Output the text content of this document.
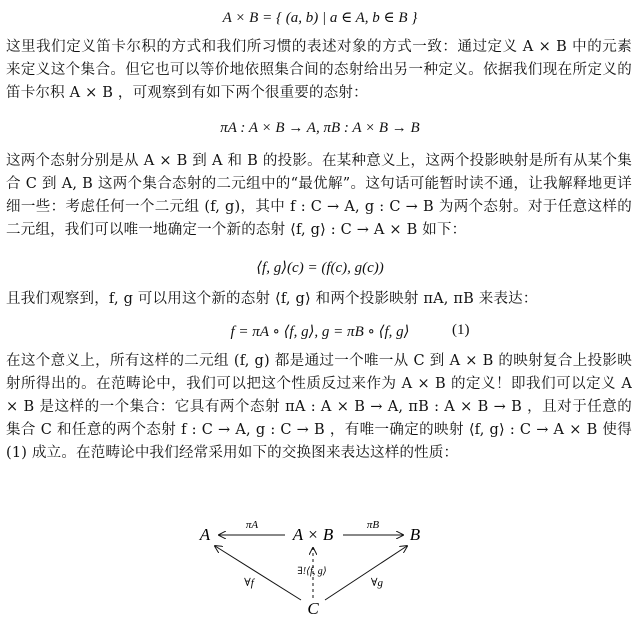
A × B = { (a, b) | a ∈ A, b ∈ B }
这里我们定义笛卡尔积的方式和我们所习惯的表述对象的方式一致：通过定义 A × B 中的元素来定义这个集合。但它也可以等价地依照集合间的态射给出另一种定义。依据我们现在所定义的笛卡尔积 A × B ，可观察到有如下两个很重要的态射：
πA : A × B → A, πB : A × B → B
这两个态射分别是从 A × B 到 A 和 B 的投影。在某种意义上，这两个投影映射是所有从某个集合 C 到 A, B 这两个集合态射的二元组中的“最优解”。这句话可能暂时读不通，让我解释地更详细一些：考虑任何一个二元组 (f, g)，其中 f : C → A, g : C → B 为两个态射。对于任意这样的二元组，我们可以唯一地确定一个新的态射 ⟨f, g⟩ : C → A × B 如下：
⟨f, g⟩(c) = (f(c), g(c))
且我们观察到，f, g 可以用这个新的态射 ⟨f, g⟩ 和两个投影映射 πA, πB 来表达：
f = πA ∘ ⟨f, g⟩, g = πB ∘ ⟨f, g⟩	(1)
在这个意义上，所有这样的二元组 (f, g) 都是通过一个唯一从 C 到 A × B 的映射复合上投影映射所得出的。在范畴论中，我们可以把这个性质反过来作为 A × B 的定义！即我们可以定义 A × B 是这样的一个集合：它具有两个态射 πA : A × B → A, πB : A × B → B ，且对于任意的集合 C 和任意的两个态射 f : C → A, g : C → B ，有唯一确定的映射 ⟨f, g⟩ : C → A × B 使得 (1) 成立。在范畴论中我们经常采用如下的交换图来表达这样的性质：
A	A × B	B
C
πA	πB
∃!⟨f, g⟩
∀f	∀g
